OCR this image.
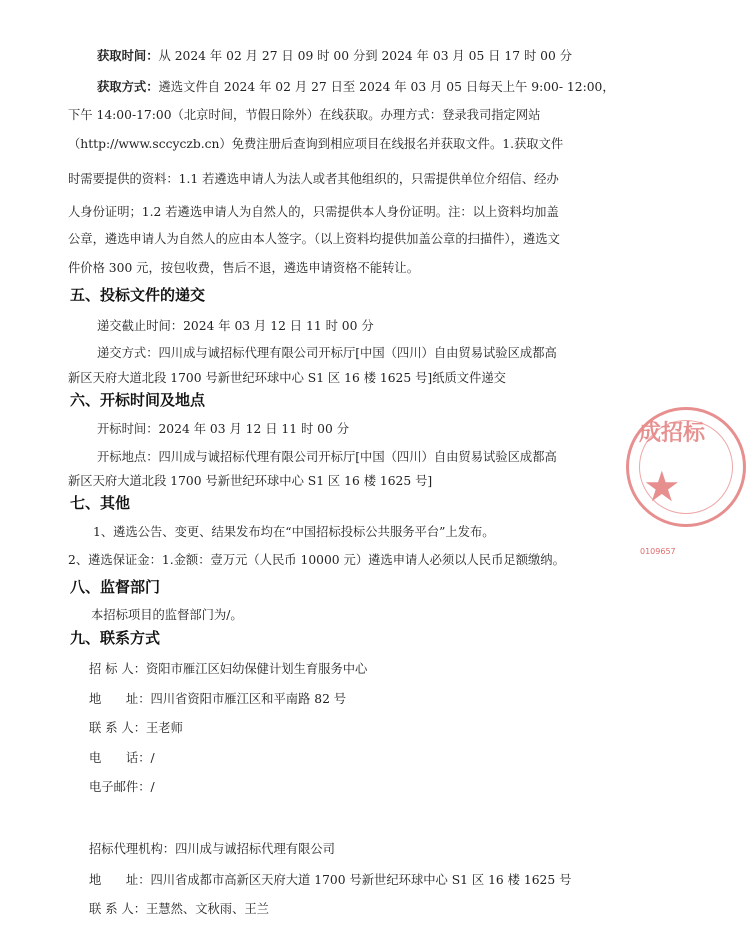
获取时间：从 2024 年 02 月 27 日 09 时 00 分到 2024 年 03 月 05 日 17 时 00 分
获取方式：遴选文件自 2024 年 02 月 27 日至 2024 年 03 月 05 日每天上午 9:00- 12:00，
下午 14:00-17:00（北京时间，节假日除外）在线获取。办理方式：登录我司指定网站
（http://www.sccyczb.cn）免费注册后查询到相应项目在线报名并获取文件。1.获取文件
时需要提供的资料：1.1 若遴选申请人为法人或者其他组织的，只需提供单位介绍信、经办
人身份证明；1.2 若遴选申请人为自然人的，只需提供本人身份证明。注：以上资料均加盖
公章，遴选申请人为自然人的应由本人签字。（以上资料均提供加盖公章的扫描件），遴选文
件价格 300 元，按包收费，售后不退，遴选申请资格不能转让。
五、投标文件的递交
递交截止时间：2024 年 03 月 12 日 11 时 00 分
递交方式：四川成与诚招标代理有限公司开标厅[中国（四川）自由贸易试验区成都高
新区天府大道北段 1700 号新世纪环球中心 S1 区 16 楼 1625 号]纸质文件递交
六、开标时间及地点
开标时间：2024 年 03 月 12 日 11 时 00 分
开标地点：四川成与诚招标代理有限公司开标厅[中国（四川）自由贸易试验区成都高
新区天府大道北段 1700 号新世纪环球中心 S1 区 16 楼 1625 号]
七、其他
1、遴选公告、变更、结果发布均在“中国招标投标公共服务平台”上发布。
2、遴选保证金：1.金额：壹万元（人民币 10000 元）遴选申请人必须以人民币足额缴纳。
八、监督部门
本招标项目的监督部门为/。
九、联系方式
招 标 人：资阳市雁江区妇幼保健计划生育服务中心
地　　址：四川省资阳市雁江区和平南路 82 号
联 系 人：王老师
电　　话：/
电子邮件：/
招标代理机构：四川成与诚招标代理有限公司
地　　址：四川省成都市高新区天府大道 1700 号新世纪环球中心 S1 区 16 楼 1625 号
联 系 人：王慧然、文秋雨、王兰
成招标
★
0109657
